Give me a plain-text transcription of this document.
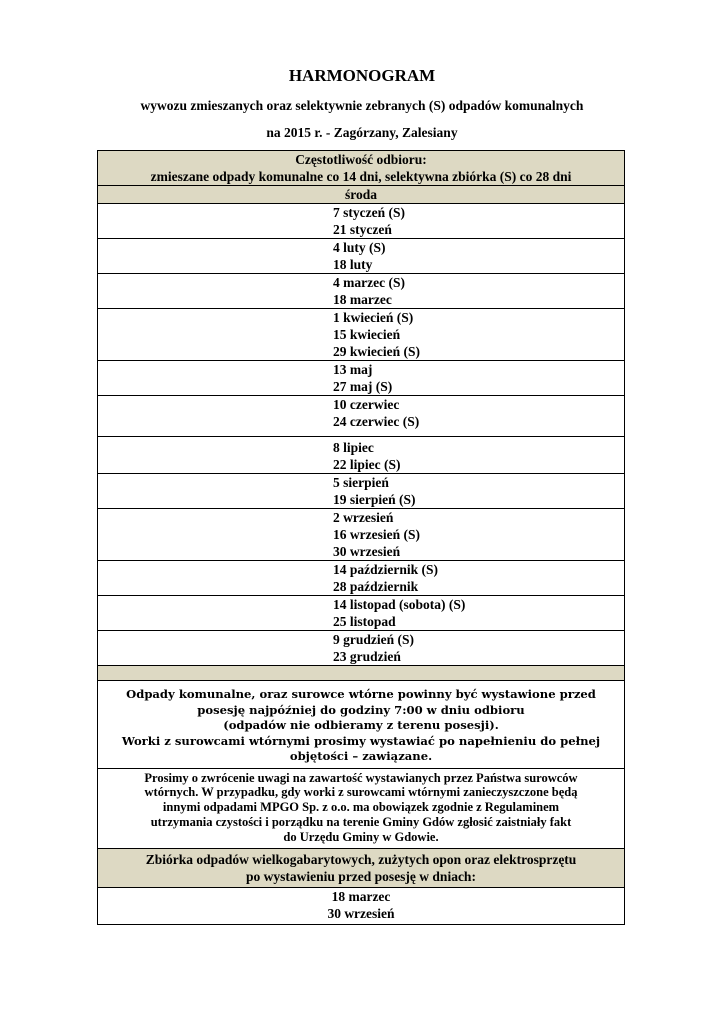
HARMONOGRAM
wywozu zmieszanych oraz selektywnie zebranych (S) odpadów komunalnych
na 2015 r. - Zagórzany, Zalesiany
Częstotliwość odbioru:
zmieszane odpady komunalne co 14 dni, selektywna zbiórka (S) co 28 dni
środa
7 styczeń (S)
21 styczeń
4 luty (S)
18 luty
4 marzec (S)
18 marzec
1 kwiecień (S)
15 kwiecień
29 kwiecień (S)
13 maj
27 maj (S)
10 czerwiec
24 czerwiec (S)
8 lipiec
22 lipiec (S)
5 sierpień
19 sierpień (S)
2 wrzesień
16 wrzesień (S)
30 wrzesień
14 październik (S)
28 październik
14 listopad (sobota) (S)
25 listopad
9 grudzień (S)
23 grudzień
Odpady komunalne, oraz surowce wtórne powinny być wystawione przed
posesję najpóźniej do godziny 7:00 w dniu odbioru
(odpadów nie odbieramy z terenu posesji).
Worki z surowcami wtórnymi prosimy wystawiać po napełnieniu do pełnej
objętości – zawiązane.
Prosimy o zwrócenie uwagi na zawartość wystawianych przez Państwa surowców
wtórnych. W przypadku, gdy worki z surowcami wtórnymi zanieczyszczone będą
innymi odpadami MPGO Sp. z o.o. ma obowiązek zgodnie z Regulaminem
utrzymania czystości i porządku na terenie Gminy Gdów zgłosić zaistniały fakt
do Urzędu Gminy w Gdowie.
Zbiórka odpadów wielkogabarytowych, zużytych opon oraz elektrosprzętu
po wystawieniu przed posesję w dniach:
18 marzec
30 wrzesień
